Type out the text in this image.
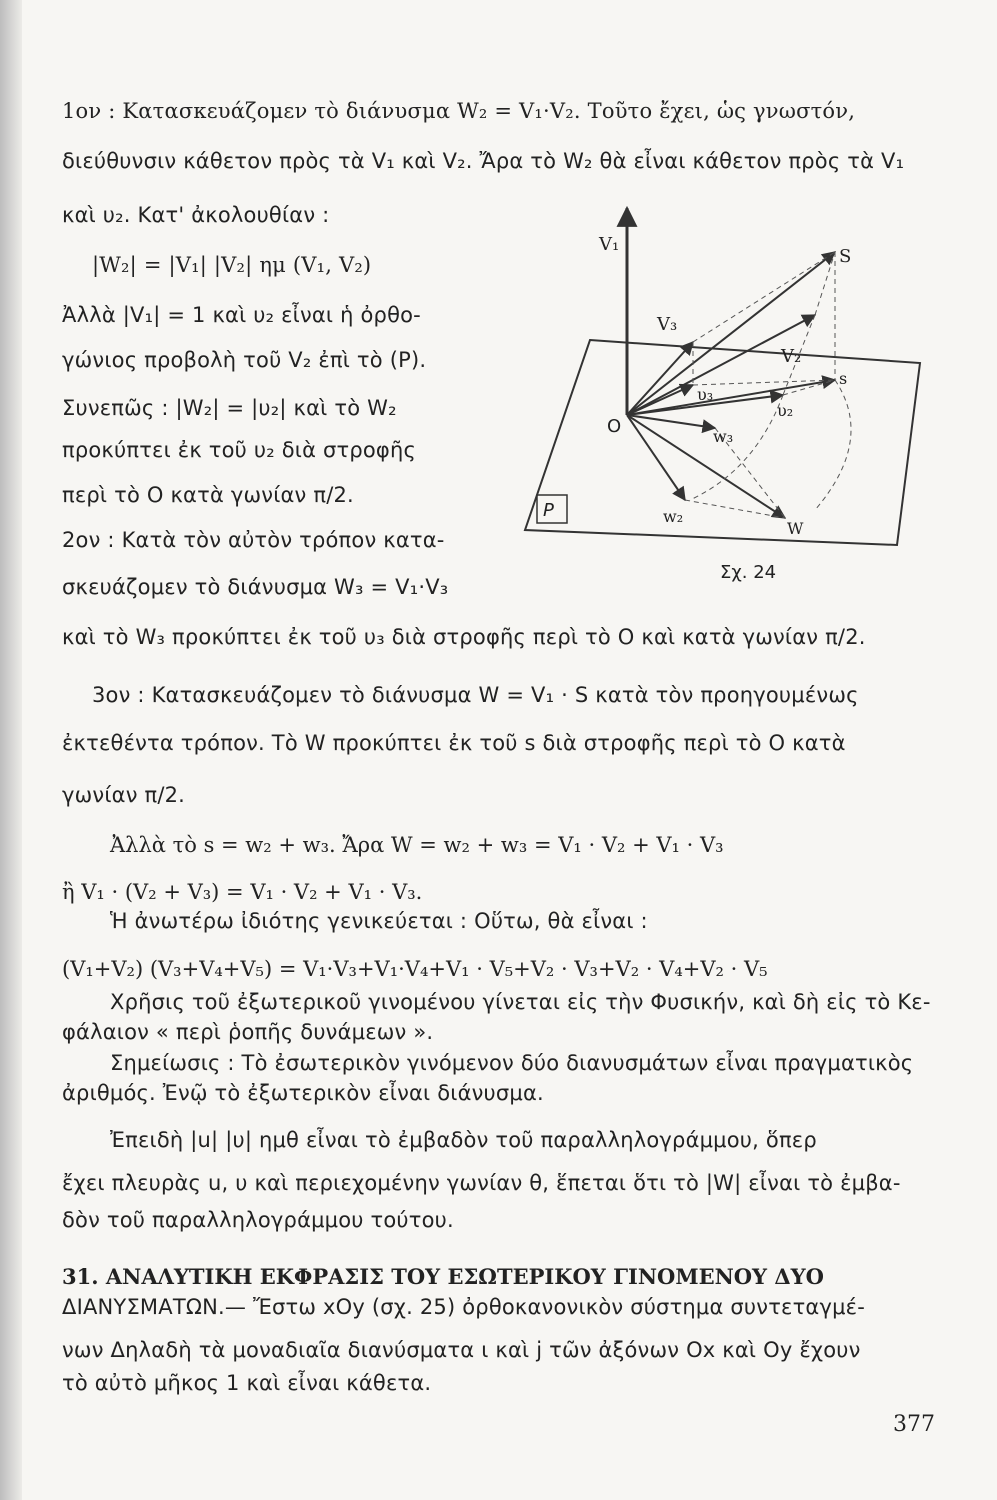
1ον : Κατασκευάζομεν τὸ διάνυσμα W₂ = V₁·V₂. Τοῦτο ἔχει, ὡς γνωστόν,
διεύθυνσιν κάθετον πρὸς τὰ V₁ καὶ V₂. Ἄρα τὸ W₂ θὰ εἶναι κάθετον πρὸς τὰ V₁
καὶ υ₂. Κατ' ἀκολουθίαν :
|W₂| = |V₁| |V₂| ημ (V₁, V₂)
Ἀλλὰ |V₁| = 1 καὶ υ₂ εἶναι ἡ ὀρθο-
γώνιος προβολὴ τοῦ V₂ ἐπὶ τὸ (P).
Συνεπῶς : |W₂| = |υ₂| καὶ τὸ W₂
προκύπτει ἐκ τοῦ υ₂ διὰ στροφῆς
περὶ τὸ Ο κατὰ γωνίαν π/2.
2ον : Κατὰ τὸν αὐτὸν τρόπον κατα-
σκευάζομεν τὸ διάνυσμα W₃ = V₁·V₃
καὶ τὸ W₃ προκύπτει ἐκ τοῦ υ₃ διὰ στροφῆς περὶ τὸ Ο καὶ κατὰ γωνίαν π/2.
3ον : Κατασκευάζομεν τὸ διάνυσμα W = V₁ · S κατὰ τὸν προηγουμένως
ἐκτεθέντα τρόπον. Τὸ W προκύπτει ἐκ τοῦ s διὰ στροφῆς περὶ τὸ Ο κατὰ
γωνίαν π/2.
Ἀλλὰ τὸ s = w₂ + w₃. Ἄρα W = w₂ + w₃ = V₁ · V₂ + V₁ · V₃
ἢ V₁ · (V₂ + V₃) = V₁ · V₂ + V₁ · V₃.
Ἡ ἀνωτέρω ἰδιότης γενικεύεται : Οὕτω, θὰ εἶναι :
(V₁+V₂) (V₃+V₄+V₅) = V₁·V₃+V₁·V₄+V₁ · V₅+V₂ · V₃+V₂ · V₄+V₂ · V₅
Χρῆσις τοῦ ἐξωτερικοῦ γινομένου γίνεται εἰς τὴν Φυσικήν, καὶ δὴ εἰς τὸ Κε-
φάλαιον « περὶ ῥοπῆς δυνάμεων ».
Σημείωσις : Τὸ ἐσωτερικὸν γινόμενον δύο διανυσμάτων εἶναι πραγματικὸς
ἀριθμός. Ἐνῷ τὸ ἐξωτερικὸν εἶναι διάνυσμα.
Ἐπειδὴ |u| |υ| ημθ εἶναι τὸ ἐμβαδὸν τοῦ παραλληλογράμμου, ὅπερ
ἔχει πλευρὰς u, υ καὶ περιεχομένην γωνίαν θ, ἕπεται ὅτι τὸ |W| εἶναι τὸ ἐμβα-
δὸν τοῦ παραλληλογράμμου τούτου.
31. ΑΝΑΛΥΤΙΚΗ ΕΚΦΡΑΣΙΣ ΤΟΥ ΕΣΩΤΕΡΙΚΟΥ ΓΙΝΟΜΕΝΟΥ ΔΥΟ
ΔΙΑΝΥΣΜΑΤΩΝ.— Ἔστω xOy (σχ. 25) ὀρθοκανονικὸν σύστημα συντεταγμέ-
νων Δηλαδὴ τὰ μοναδιαῖα διανύσματα ι καὶ j τῶν ἀξόνων Ox καὶ Oy ἔχουν
τὸ αὐτὸ μῆκος 1 καὶ εἶναι κάθετα.
V₁
S
V₃
V₂
s
υ₃
υ₂
O	w₃
w₂
W
P
Σχ. 24
377
